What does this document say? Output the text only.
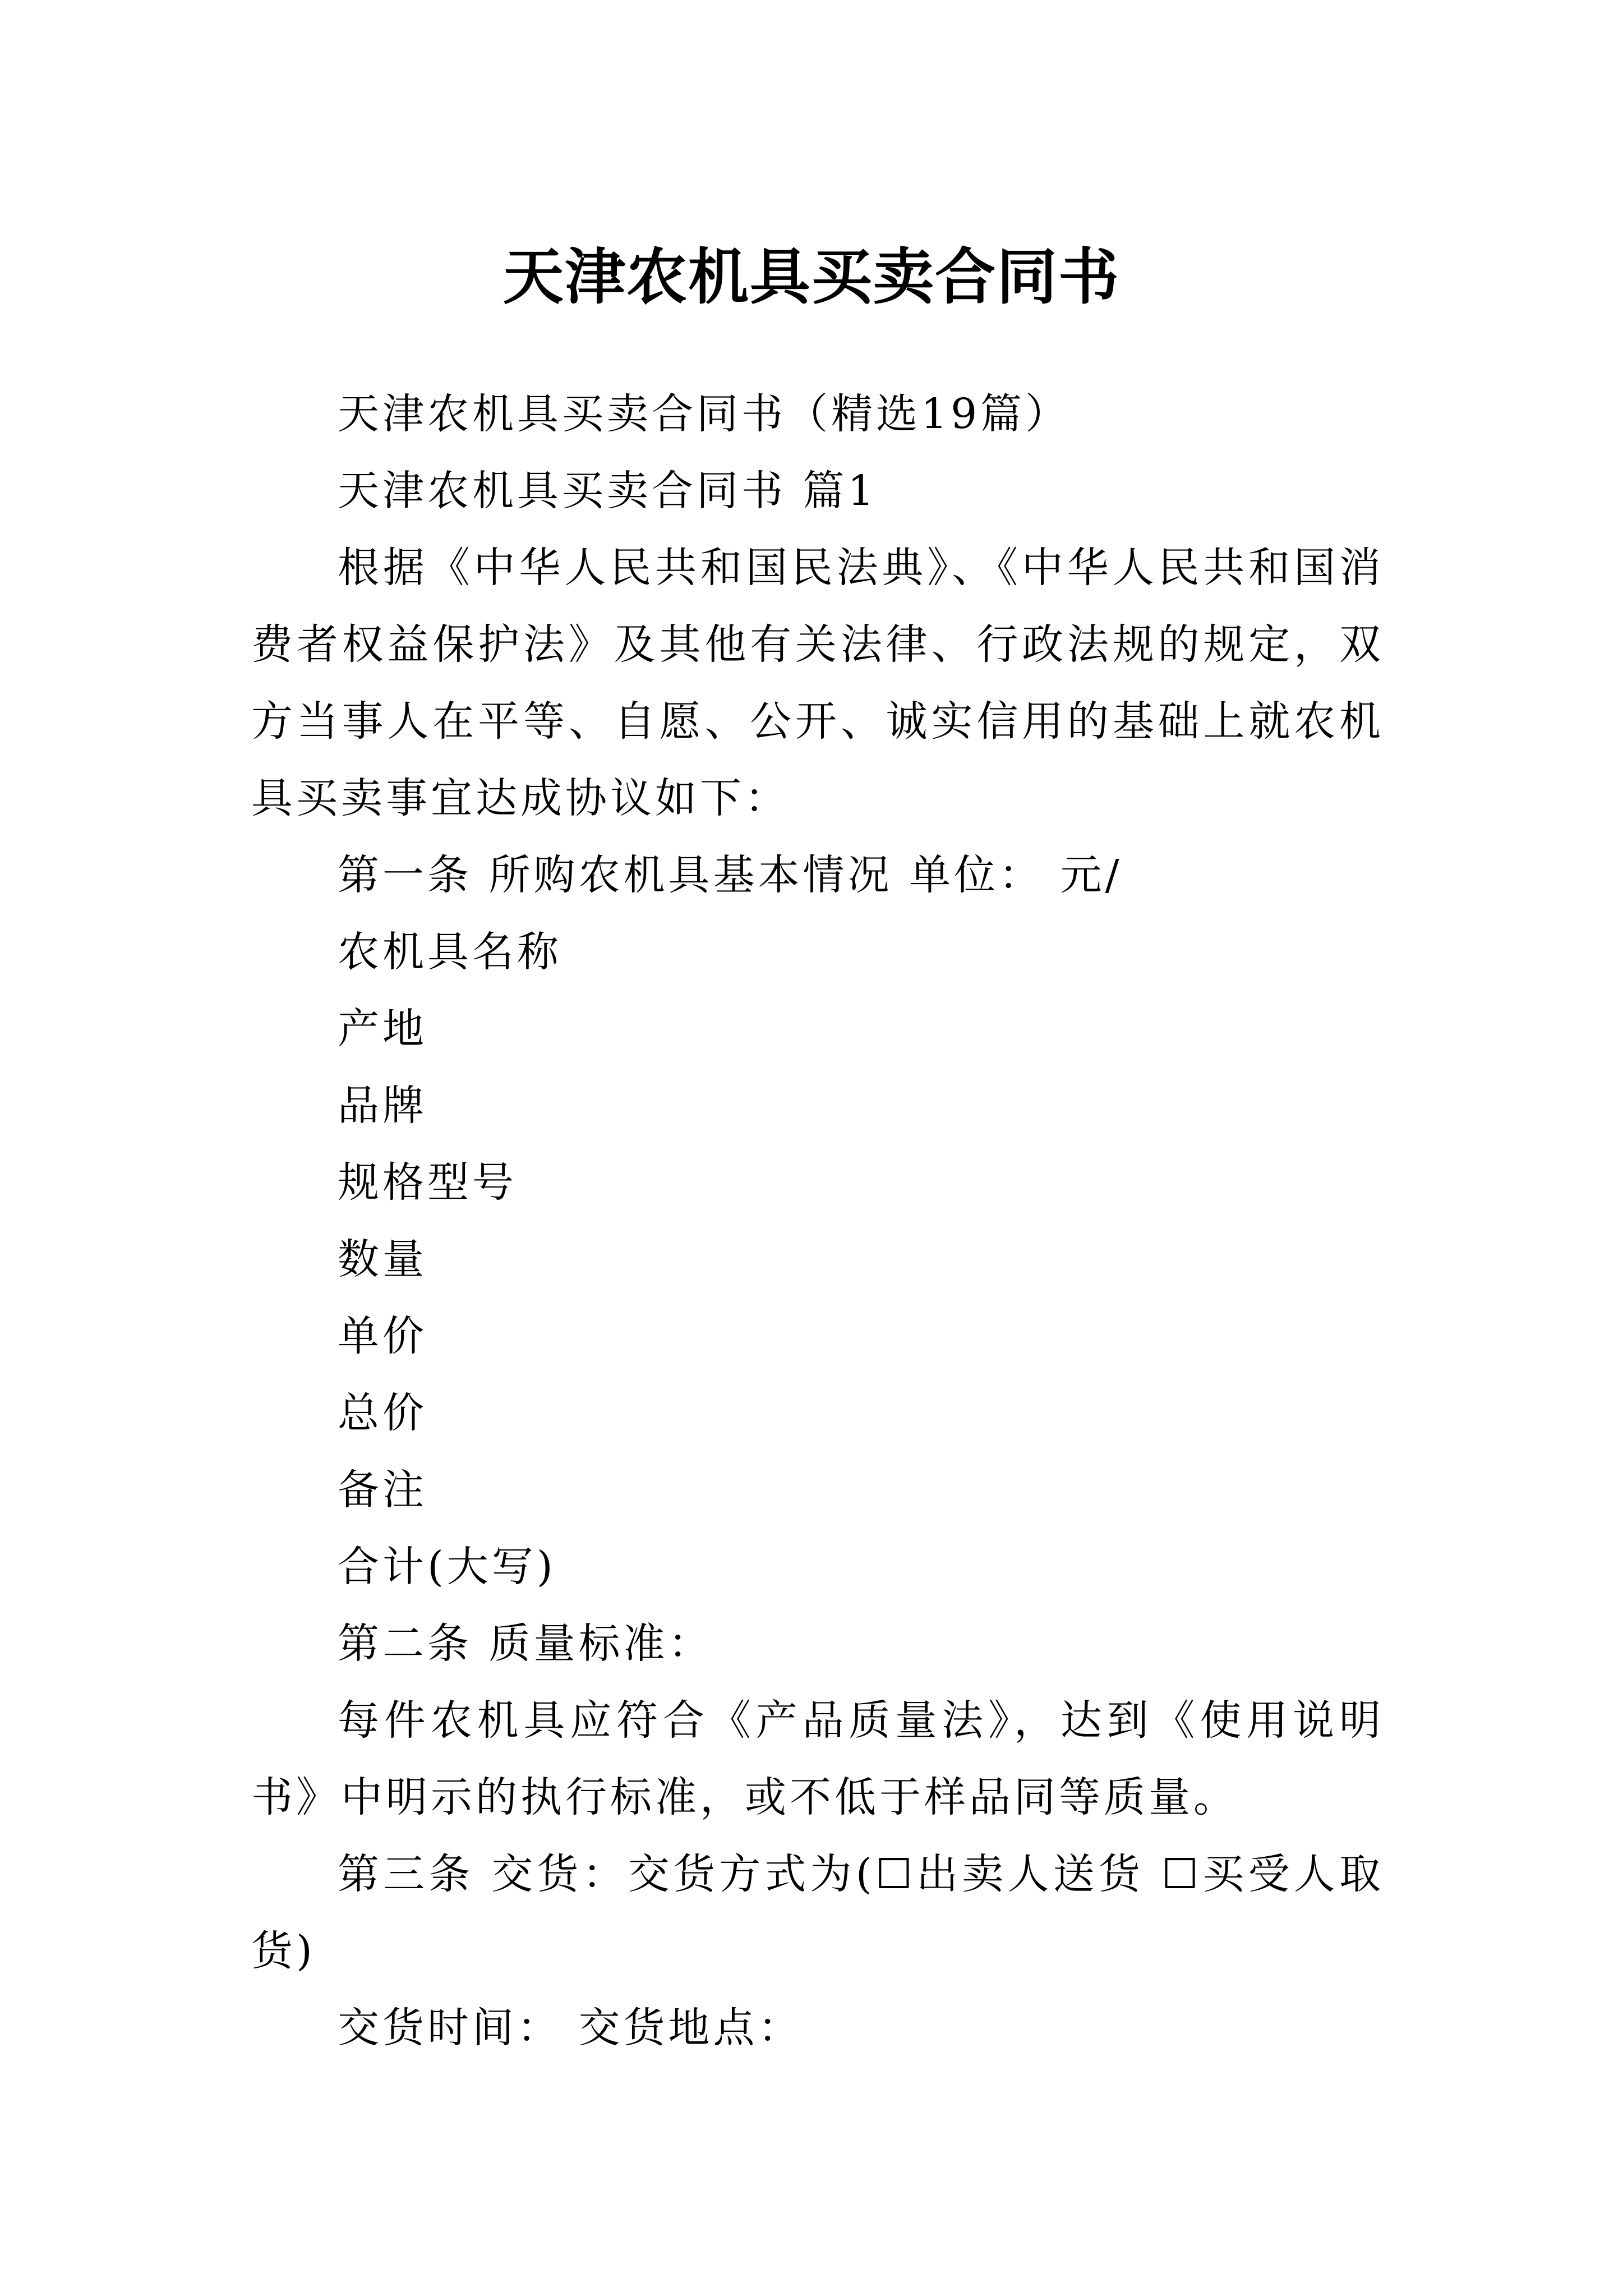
天津农机具买卖合同书

天津农机具买卖合同书（精选19篇）

天津农机具买卖合同书 篇1

根据《中华人民共和国民法典》、《中华人民共和国消费者权益保护法》及其他有关法律、行政法规的规定，双方当事人在平等、自愿、公开、诚实信用的基础上就农机具买卖事宜达成协议如下：

第一条 所购农机具基本情况 单位： 元/

农机具名称

产地

品牌

规格型号

数量

单价

总价

备注

合计(大写)

第二条 质量标准：

每件农机具应符合《产品质量法》，达到《使用说明书》中明示的执行标准，或不低于样品同等质量。

第三条 交货：交货方式为(☐出卖人送货 ☐买受人取货)

交货时间： 交货地点：
